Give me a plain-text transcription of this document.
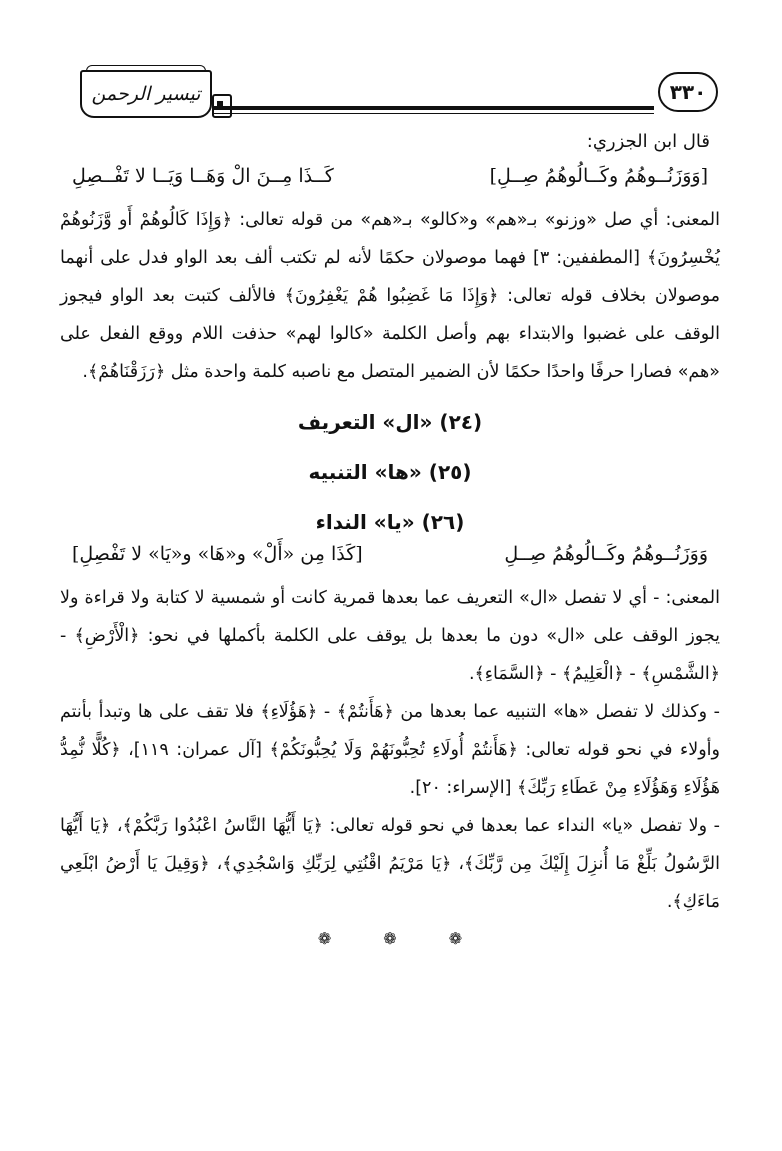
تيسير الرحمن	٣٣٠

قال ابن الجزري:

[وَوَزَنُــوهُمُ وكَــالُوهُمُ صِــلِ]
كَــذَا مِــنَ الْ وَهَــا وَيَــا لا تَفْــصِلِ

المعنى: أي صل «وزنو» بـ«هم» و«كالو» بـ«هم» من قوله تعالى: ﴿وَإِذَا كَالُوهُمْ أَو وَّزَنُوهُمْ يُخْسِرُونَ﴾ [المطففين: ٣] فهما موصولان حكمًا لأنه لم تكتب ألف بعد الواو فدل على أنهما موصولان بخلاف قوله تعالى: ﴿وَإِذَا مَا غَضِبُوا هُمْ يَغْفِرُونَ﴾ فالألف كتبت بعد الواو فيجوز الوقف على غضبوا والابتداء بهم وأصل الكلمة «كالوا لهم» حذفت اللام ووقع الفعل على «هم» فصارا حرفًا واحدًا حكمًا لأن الضمير المتصل مع ناصبه كلمة واحدة مثل ﴿رَزَقْنَاهُمْ﴾.

(٢٤) «ال» التعريف

(٢٥) «ها» التنبيه

(٢٦) «يا» النداء

وَوَزَنُــوهُمُ وكَــالُوهُمُ صِــلِ
[كَذَا مِن «أَلْ» و«هَا» و«يَا» لا تَفْصِلِ]

المعنى: - أي لا تفصل «ال» التعريف عما بعدها قمرية كانت أو شمسية لا كتابة ولا قراءة ولا يجوز الوقف على «ال» دون ما بعدها بل يوقف على الكلمة بأكملها في نحو: ﴿الْأَرْضِ﴾ - ﴿الشَّمْسِ﴾ - ﴿الْعَلِيمُ﴾ - ﴿السَّمَاءِ﴾.

- وكذلك لا تفصل «ها» التنبيه عما بعدها من ﴿هَأَنتُمْ﴾ - ﴿هَؤُلَاءِ﴾ فلا تقف على ها وتبدأ بأنتم وأولاء في نحو قوله تعالى: ﴿هَأَنتُمْ أُولَاءِ تُحِبُّونَهُمْ وَلَا يُحِبُّونَكُمْ﴾ [آل عمران: ١١٩]، ﴿كُلًّا نُّمِدُّ هَؤُلَاءِ وَهَؤُلَاءِ مِنْ عَطَاءِ رَبِّكَ﴾ [الإسراء: ٢٠].

- ولا تفصل «يا» النداء عما بعدها في نحو قوله تعالى: ﴿يَا أَيُّهَا النَّاسُ اعْبُدُوا رَبَّكُمْ﴾، ﴿يَا أَيُّهَا الرَّسُولُ بَلِّغْ مَا أُنزِلَ إِلَيْكَ مِن رَّبِّكَ﴾، ﴿يَا مَرْيَمُ اقْنُتِي لِرَبِّكِ وَاسْجُدِي﴾، ﴿وَقِيلَ يَا أَرْضُ ابْلَعِي مَاءَكِ﴾.

❁	❁	❁
